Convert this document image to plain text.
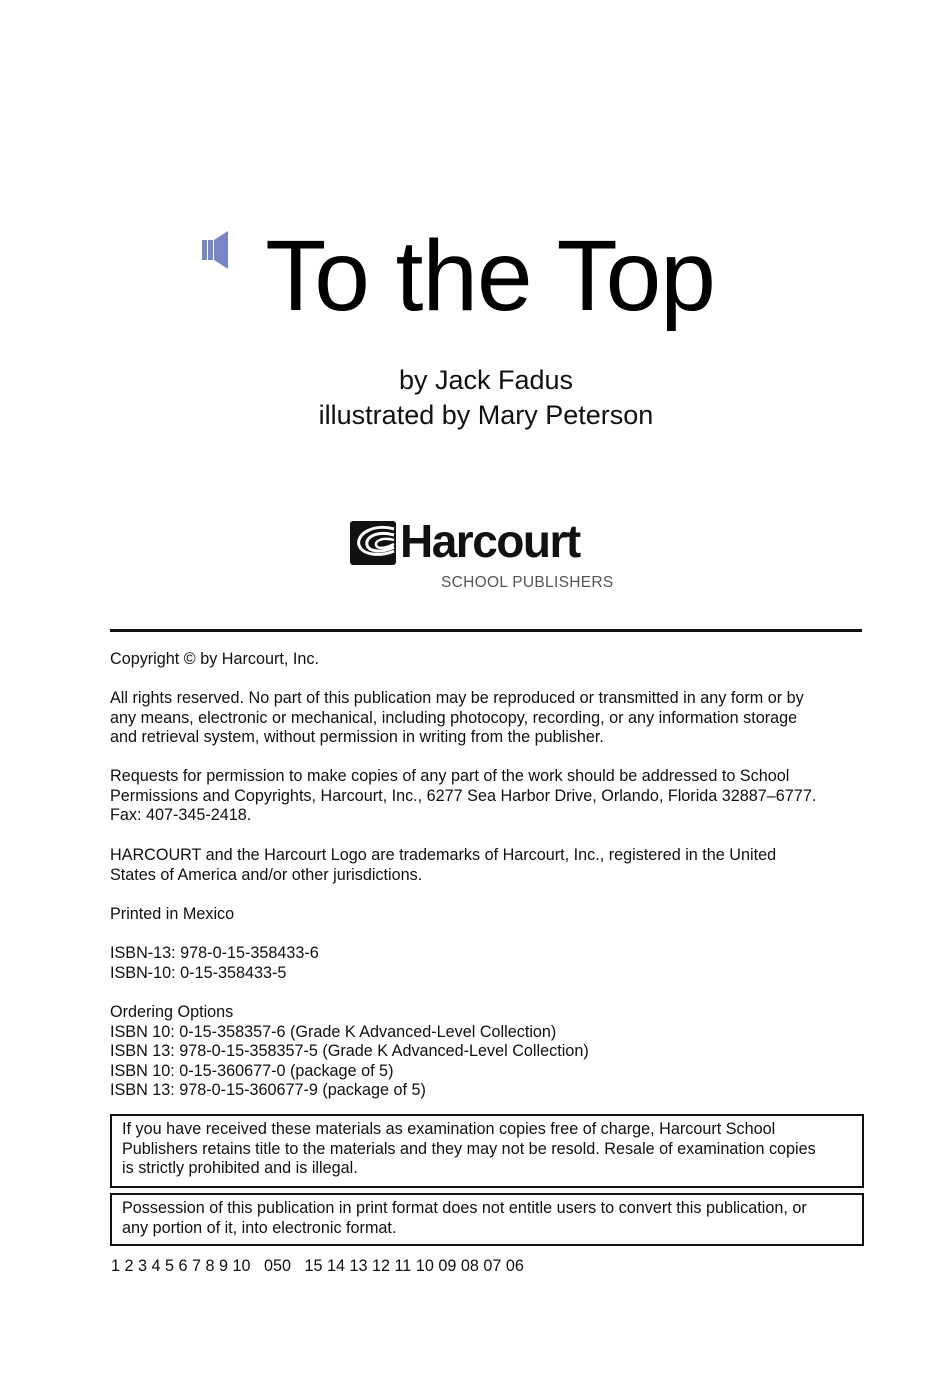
To the Top
by Jack Fadus
illustrated by Mary Peterson
Harcourt
SCHOOL PUBLISHERS
Copyright © by Harcourt, Inc.
All rights reserved. No part of this publication may be reproduced or transmitted in any form or by
any means, electronic or mechanical, including photocopy, recording, or any information storage
and retrieval system, without permission in writing from the publisher.
Requests for permission to make copies of any part of the work should be addressed to School
Permissions and Copyrights, Harcourt, Inc., 6277 Sea Harbor Drive, Orlando, Florida 32887–6777.
Fax: 407-345-2418.
HARCOURT and the Harcourt Logo are trademarks of Harcourt, Inc., registered in the United
States of America and/or other jurisdictions.
Printed in Mexico
ISBN-13: 978-0-15-358433-6
ISBN-10: 0-15-358433-5
Ordering Options
ISBN 10: 0-15-358357-6 (Grade K Advanced-Level Collection)
ISBN 13: 978-0-15-358357-5 (Grade K Advanced-Level Collection)
ISBN 10: 0-15-360677-0 (package of 5)
ISBN 13: 978-0-15-360677-9 (package of 5)
If you have received these materials as examination copies free of charge, Harcourt School
Publishers retains title to the materials and they may not be resold. Resale of examination copies
is strictly prohibited and is illegal.
Possession of this publication in print format does not entitle users to convert this publication, or
any portion of it, into electronic format.
1 2 3 4 5 6 7 8 9 10   050   15 14 13 12 11 10 09 08 07 06
